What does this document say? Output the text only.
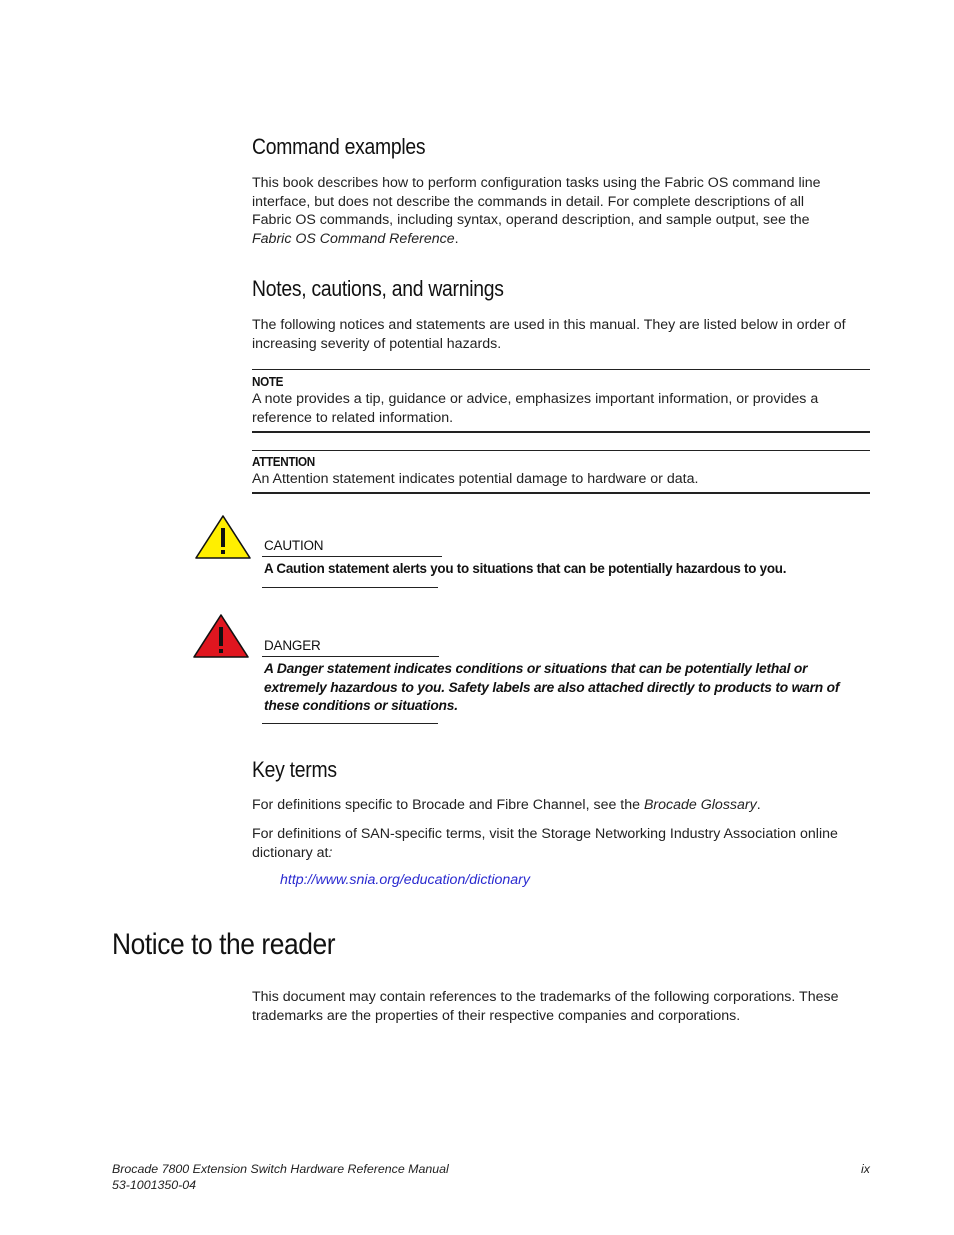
Command examples
This book describes how to perform configuration tasks using the Fabric OS command line
interface, but does not describe the commands in detail. For complete descriptions of all
Fabric OS commands, including syntax, operand description, and sample output, see the
Fabric OS Command Reference.
Notes, cautions, and warnings
The following notices and statements are used in this manual. They are listed below in order of
increasing severity of potential hazards.
NOTE
A note provides a tip, guidance or advice, emphasizes important information, or provides a
reference to related information.
ATTENTION
An Attention statement indicates potential damage to hardware or data.
CAUTION
A Caution statement alerts you to situations that can be potentially hazardous to you.
DANGER
A Danger statement indicates conditions or situations that can be potentially lethal or
extremely hazardous to you. Safety labels are also attached directly to products to warn of
these conditions or situations.
Key terms
For definitions specific to Brocade and Fibre Channel, see the Brocade Glossary.
For definitions of SAN-specific terms, visit the Storage Networking Industry Association online
dictionary at:
http://www.snia.org/education/dictionary
Notice to the reader
This document may contain references to the trademarks of the following corporations. These
trademarks are the properties of their respective companies and corporations.
Brocade 7800 Extension Switch Hardware Reference Manual
53-1001350-04
ix
